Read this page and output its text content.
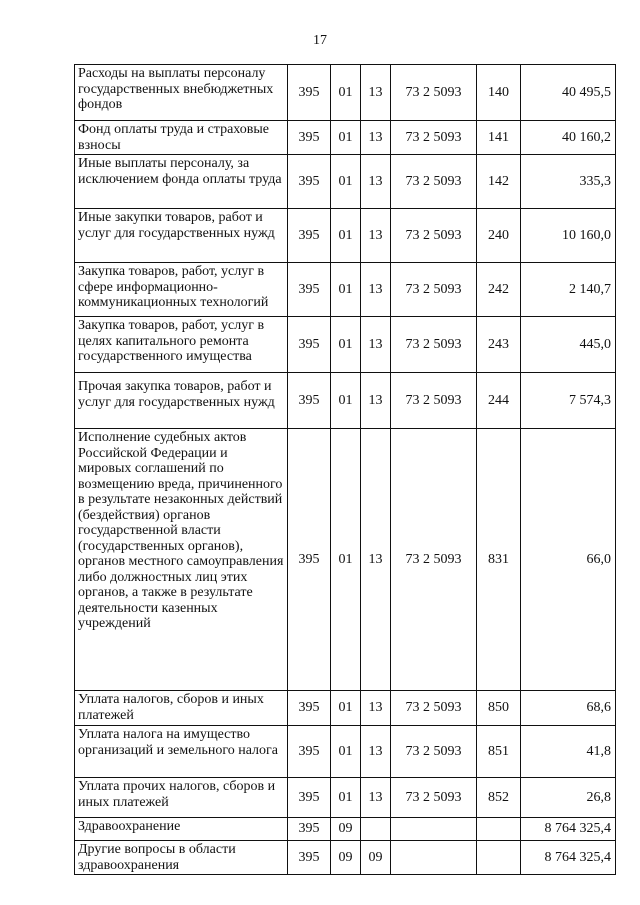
17
Расходы на выплаты персоналу государственных внебюджетных фондов	395	01	13	73 2 5093	140	40 495,5
Фонд оплаты труда и страховые взносы	395	01	13	73 2 5093	141	40 160,2
Иные выплаты персоналу, за исключением фонда оплаты труда	395	01	13	73 2 5093	142	335,3
Иные закупки товаров, работ и услуг для государственных нужд	395	01	13	73 2 5093	240	10 160,0
Закупка товаров, работ, услуг в сфере информационно-коммуникационных технологий	395	01	13	73 2 5093	242	2 140,7
Закупка товаров, работ, услуг в целях капитального ремонта государственного имущества	395	01	13	73 2 5093	243	445,0
Прочая закупка товаров, работ и услуг для государственных нужд	395	01	13	73 2 5093	244	7 574,3
Исполнение судебных актов Российской Федерации и мировых соглашений по возмещению вреда, причиненного в результате незаконных действий (бездействия) органов государственной власти (государственных органов), органов местного самоуправления либо должностных лиц этих органов, а также в результате деятельности казенных учреждений	395	01	13	73 2 5093	831	66,0
Уплата налогов, сборов и иных платежей	395	01	13	73 2 5093	850	68,6
Уплата налога на имущество организаций и земельного налога	395	01	13	73 2 5093	851	41,8
Уплата прочих налогов, сборов и иных платежей	395	01	13	73 2 5093	852	26,8
Здравоохранение	395	09				8 764 325,4
Другие вопросы в области здравоохранения	395	09	09			8 764 325,4
